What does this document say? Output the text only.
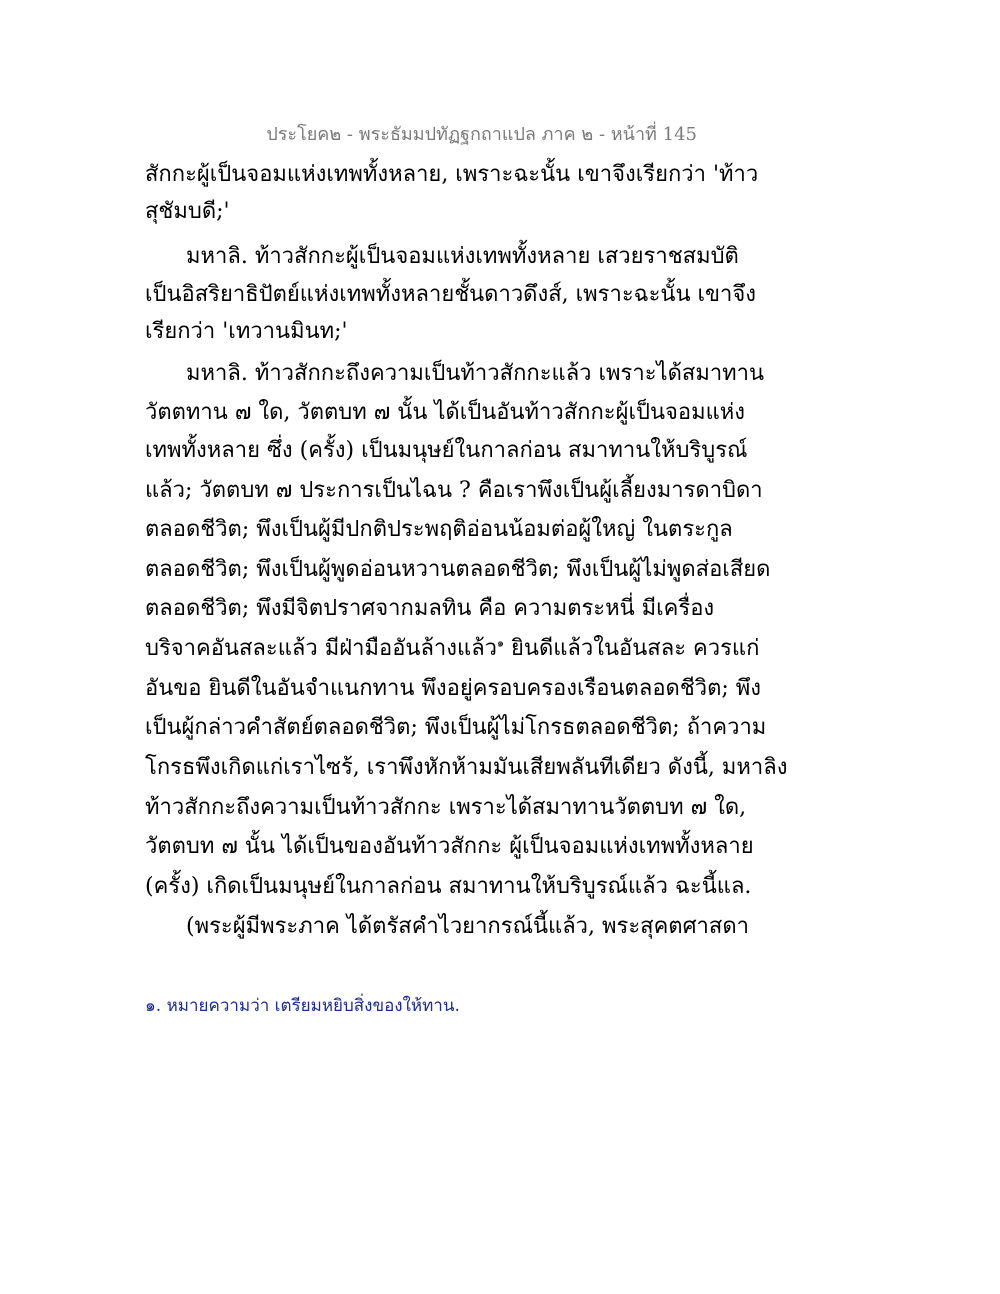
ประโยค๒ - พระธัมมปทัฏฐกถาแปล ภาค ๒ - หน้าที่ 145
สักกะผู้เป็นจอมแห่งเทพทั้งหลาย, เพราะฉะนั้น เขาจึงเรียกว่า 'ท้าว
สุชัมบดี;'
มหาลิ. ท้าวสักกะผู้เป็นจอมแห่งเทพทั้งหลาย เสวยราชสมบัติ
เป็นอิสริยาธิปัตย์แห่งเทพทั้งหลายชั้นดาวดึงส์, เพราะฉะนั้น เขาจึง
เรียกว่า 'เทวานมินท;'
มหาลิ. ท้าวสักกะถึงความเป็นท้าวสักกะแล้ว เพราะได้สมาทาน
วัตตทาน ๗ ใด, วัตตบท ๗ นั้น ได้เป็นอันท้าวสักกะผู้เป็นจอมแห่ง
เทพทั้งหลาย ซึ่ง (ครั้ง) เป็นมนุษย์ในกาลก่อน สมาทานให้บริบูรณ์
แล้ว; วัตตบท ๗ ประการเป็นไฉน ? คือเราพึงเป็นผู้เลี้ยงมารดาบิดา
ตลอดชีวิต; พึงเป็นผู้มีปกติประพฤติอ่อนน้อมต่อผู้ใหญ่ ในตระกูล
ตลอดชีวิต; พึงเป็นผู้พูดอ่อนหวานตลอดชีวิต; พึงเป็นผู้ไม่พูดส่อเสียด
ตลอดชีวิต; พึงมีจิตปราศจากมลทิน คือ ความตระหนี่ มีเครื่อง
บริจาคอันสละแล้ว มีฝ่ามืออันล้างแล้ว$^๑$ ยินดีแล้วในอันสละ ควรแก่
อันขอ ยินดีในอันจำแนกทาน พึงอยู่ครอบครองเรือนตลอดชีวิต; พึง
เป็นผู้กล่าวคำสัตย์ตลอดชีวิต; พึงเป็นผู้ไม่โกรธตลอดชีวิต; ถ้าความ
โกรธพึงเกิดแก่เราไซร้, เราพึงหักห้ามมันเสียพลันทีเดียว ดังนี้, มหาลิง
ท้าวสักกะถึงความเป็นท้าวสักกะ เพราะได้สมาทานวัตตบท ๗ ใด,
วัตตบท ๗ นั้น ได้เป็นของอันท้าวสักกะ ผู้เป็นจอมแห่งเทพทั้งหลาย
(ครั้ง) เกิดเป็นมนุษย์ในกาลก่อน สมาทานให้บริบูรณ์แล้ว ฉะนี้แล.
(พระผู้มีพระภาค ได้ตรัสคำไวยากรณ์นี้แล้ว, พระสุคตศาสดา
๑. หมายความว่า เตรียมหยิบสิ่งของให้ทาน.
